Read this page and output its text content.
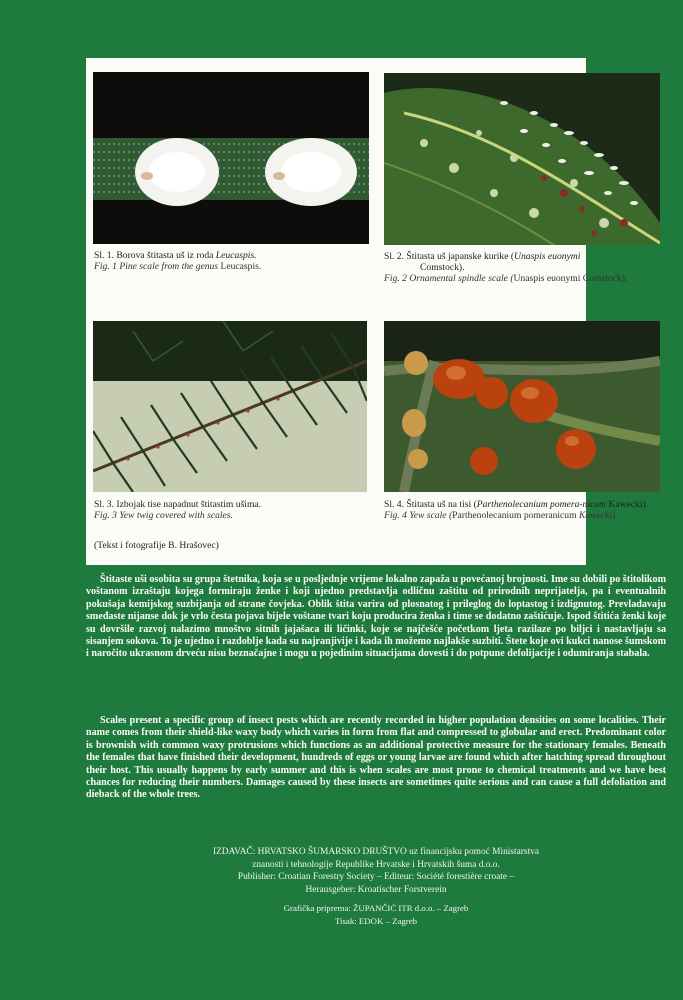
Sl. 1. Borova štitasta uš iz roda Leucaspis.
Fig. 1 Pine scale from the genus Leucaspis.
Sl. 2. Štitasta uš japanske kurike (Unaspis euonymi
Comstock).
Fig. 2 Ornamental spindle scale (Unaspis euonymi Comstock).
Sl. 3. Izbojak tise napadnut štitastim ušima.
Fig. 3 Yew twig covered with scales.
(Tekst i fotografije B. Hrašovec)
Sl. 4. Štitasta uš na tisi (Parthenolecanium pomera-nicum Kawecki).
Fig. 4 Yew scale (Parthenolecanium pomeranicum Kawecki).

Štitaste uši osobita su grupa štetnika, koja se u posljednje vrijeme lokalno zapaža u povećanoj brojnosti. Ime su dobili po štitolikom voštanom izraštaju kojega formiraju ženke i koji ujedno predstavlja odličnu zaštitu od prirodnih neprijatelja, pa i eventualnih pokušaja kemijskog suzbijanja od strane čovjeka. Oblik štita varira od plosnatog i prileglog do loptastog i izdignutog. Prevladavaju smeđaste nijanse dok je vrlo česta pojava bijele voštane tvari koju producira ženka i time se dodatno zaštićuje. Ispod štitića ženki koje su dovršile razvoj nalazimo mnoštvo sitnih jajašaca ili ličinki, koje se najčešće početkom ljeta razilaze po biljci i nastavljaju sa sisanjem sokova. To je ujedno i razdoblje kada su najranjivije i kada ih možemo najlakše suzbiti. Štete koje ovi kukci nanose šumskom i naročito ukrasnom drveću nisu beznačajne i mogu u pojedinim situacijama dovesti i do potpune defolijacije i odumiranja stabala.

Scales present a specific group of insect pests which are recently recorded in higher population densities on some localities. Their name comes from their shield-like waxy body which varies in form from flat and compressed to globular and erect. Predominant color is brownish with common waxy protrusions which functions as an additional protective measure for the stationary females. Beneath the females that have finished their development, hundreds of eggs or young larvae are found which after hatching spread throughout their host. This usually happens by early summer and this is when scales are most prone to chemical treatments and we have best chances for reducing their numbers. Damages caused by these insects are sometimes quite serious and can cause a full defoliation and dieback of the whole trees.

IZDAVAČ: HRVATSKO ŠUMARSKO DRUŠTVO uz financijsku pomoć Ministarstva
znanosti i tehnologije Republike Hrvatske i Hrvatskih šuma d.o.o.
Publisher: Croatian Forestry Society – Editeur: Société forestière croate –
Herausgeber: Kroatischer Forstverein
Grafička priprema: ŽUPANČIĆ ITR d.o.o. – Zagreb
Tisak: EDOK – Zagreb
